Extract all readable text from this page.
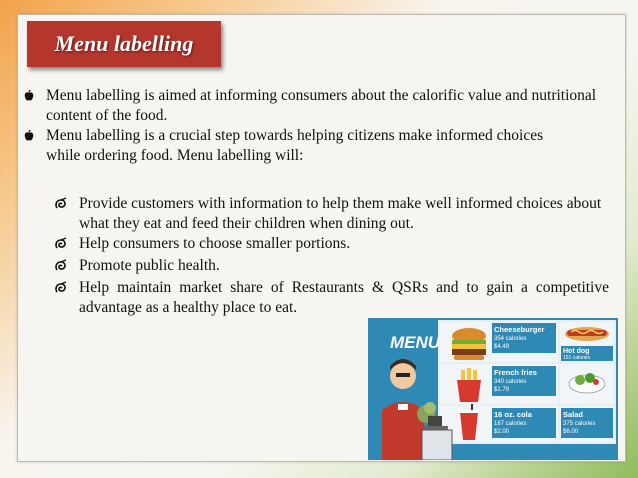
Menu labelling
Menu labelling is aimed at informing consumers about the calorific value and nutritional content of the food.
Menu labelling is a crucial step towards helping citizens make informed choices while ordering food. Menu labelling will:
Provide customers with information to help them make well informed choices about what they eat and feed their children when dining out.
Help consumers to choose smaller portions.
Promote public health.
Help maintain market share of Restaurants & QSRs and to gain a competitive advantage as a healthy place to eat.
MENU
Cheeseburger
354 calories
$4.49
Hot dog
151 calories
French fries
340 calories
$1.79
16 oz. cola
187 calories
$2.00
Salad
375 calories
$6.00
